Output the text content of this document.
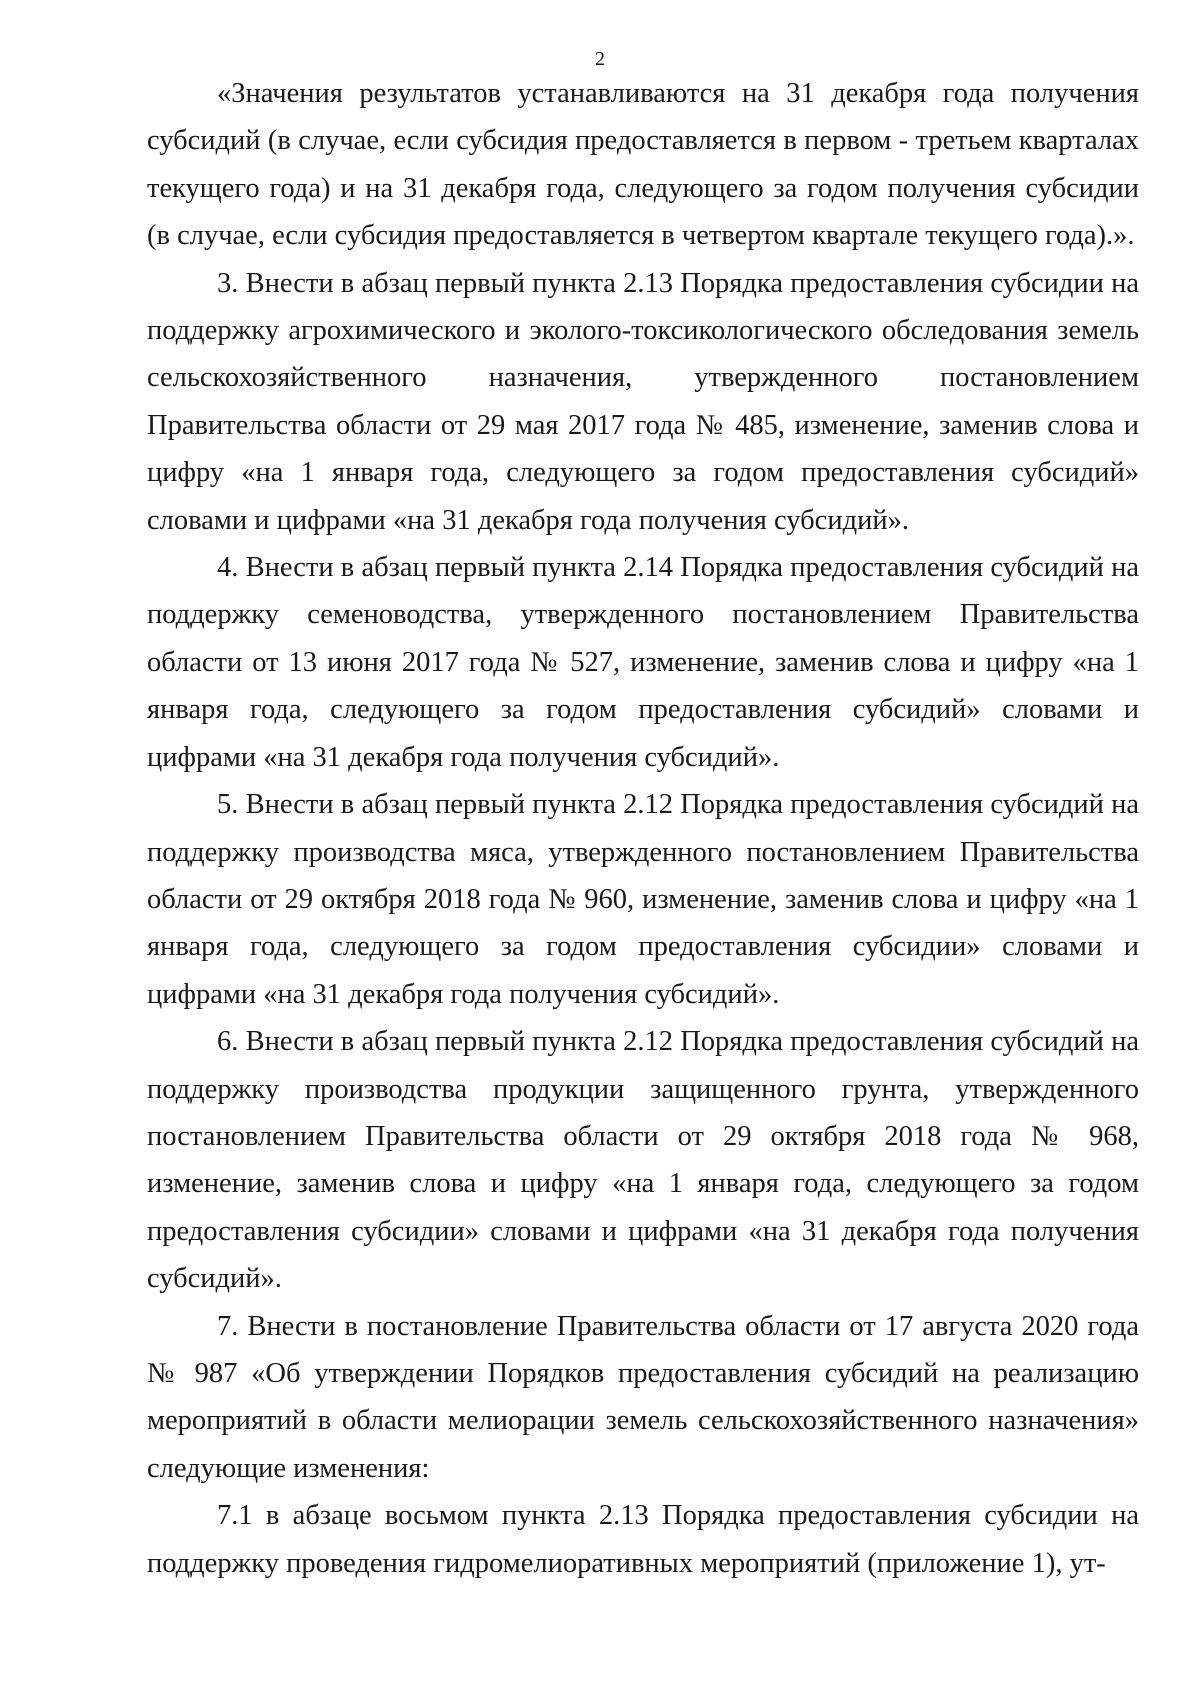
2

«Значения результатов устанавливаются на 31 декабря года получения субсидий (в случае, если субсидия предоставляется в первом - третьем кварталах текущего года) и на 31 декабря года, следующего за годом получения субсидии (в случае, если субсидия предоставляется в четвертом квартале текущего года).».

3. Внести в абзац первый пункта 2.13 Порядка предоставления субсидии на поддержку агрохимического и эколого-токсикологического обследования земель сельскохозяйственного назначения, утвержденного постановлением Правительства области от 29 мая 2017 года № 485, изменение, заменив слова и цифру «на 1 января года, следующего за годом предоставления субсидий» словами и цифрами «на 31 декабря года получения субсидий».

4. Внести в абзац первый пункта 2.14 Порядка предоставления субсидий на поддержку семеноводства, утвержденного постановлением Правительства области от 13 июня 2017 года № 527, изменение, заменив слова и цифру «на 1 января года, следующего за годом предоставления субсидий» словами и цифрами «на 31 декабря года получения субсидий».

5. Внести в абзац первый пункта 2.12 Порядка предоставления субсидий на поддержку производства мяса, утвержденного постановлением Правительства области от 29 октября 2018 года № 960, изменение, заменив слова и цифру «на 1 января года, следующего за годом предоставления субсидии» словами и цифрами «на 31 декабря года получения субсидий».

6. Внести в абзац первый пункта 2.12 Порядка предоставления субсидий на поддержку производства продукции защищенного грунта, утвержденного постановлением Правительства области от 29 октября 2018 года № 968, изменение, заменив слова и цифру «на 1 января года, следующего за годом предоставления субсидии» словами и цифрами «на 31 декабря года получения субсидий».

7. Внести в постановление Правительства области от 17 августа 2020 года № 987 «Об утверждении Порядков предоставления субсидий на реализацию мероприятий в области мелиорации земель сельскохозяйственного назначения» следующие изменения:

7.1 в абзаце восьмом пункта 2.13 Порядка предоставления субсидии на поддержку проведения гидромелиоративных мероприятий (приложение 1), ут-
